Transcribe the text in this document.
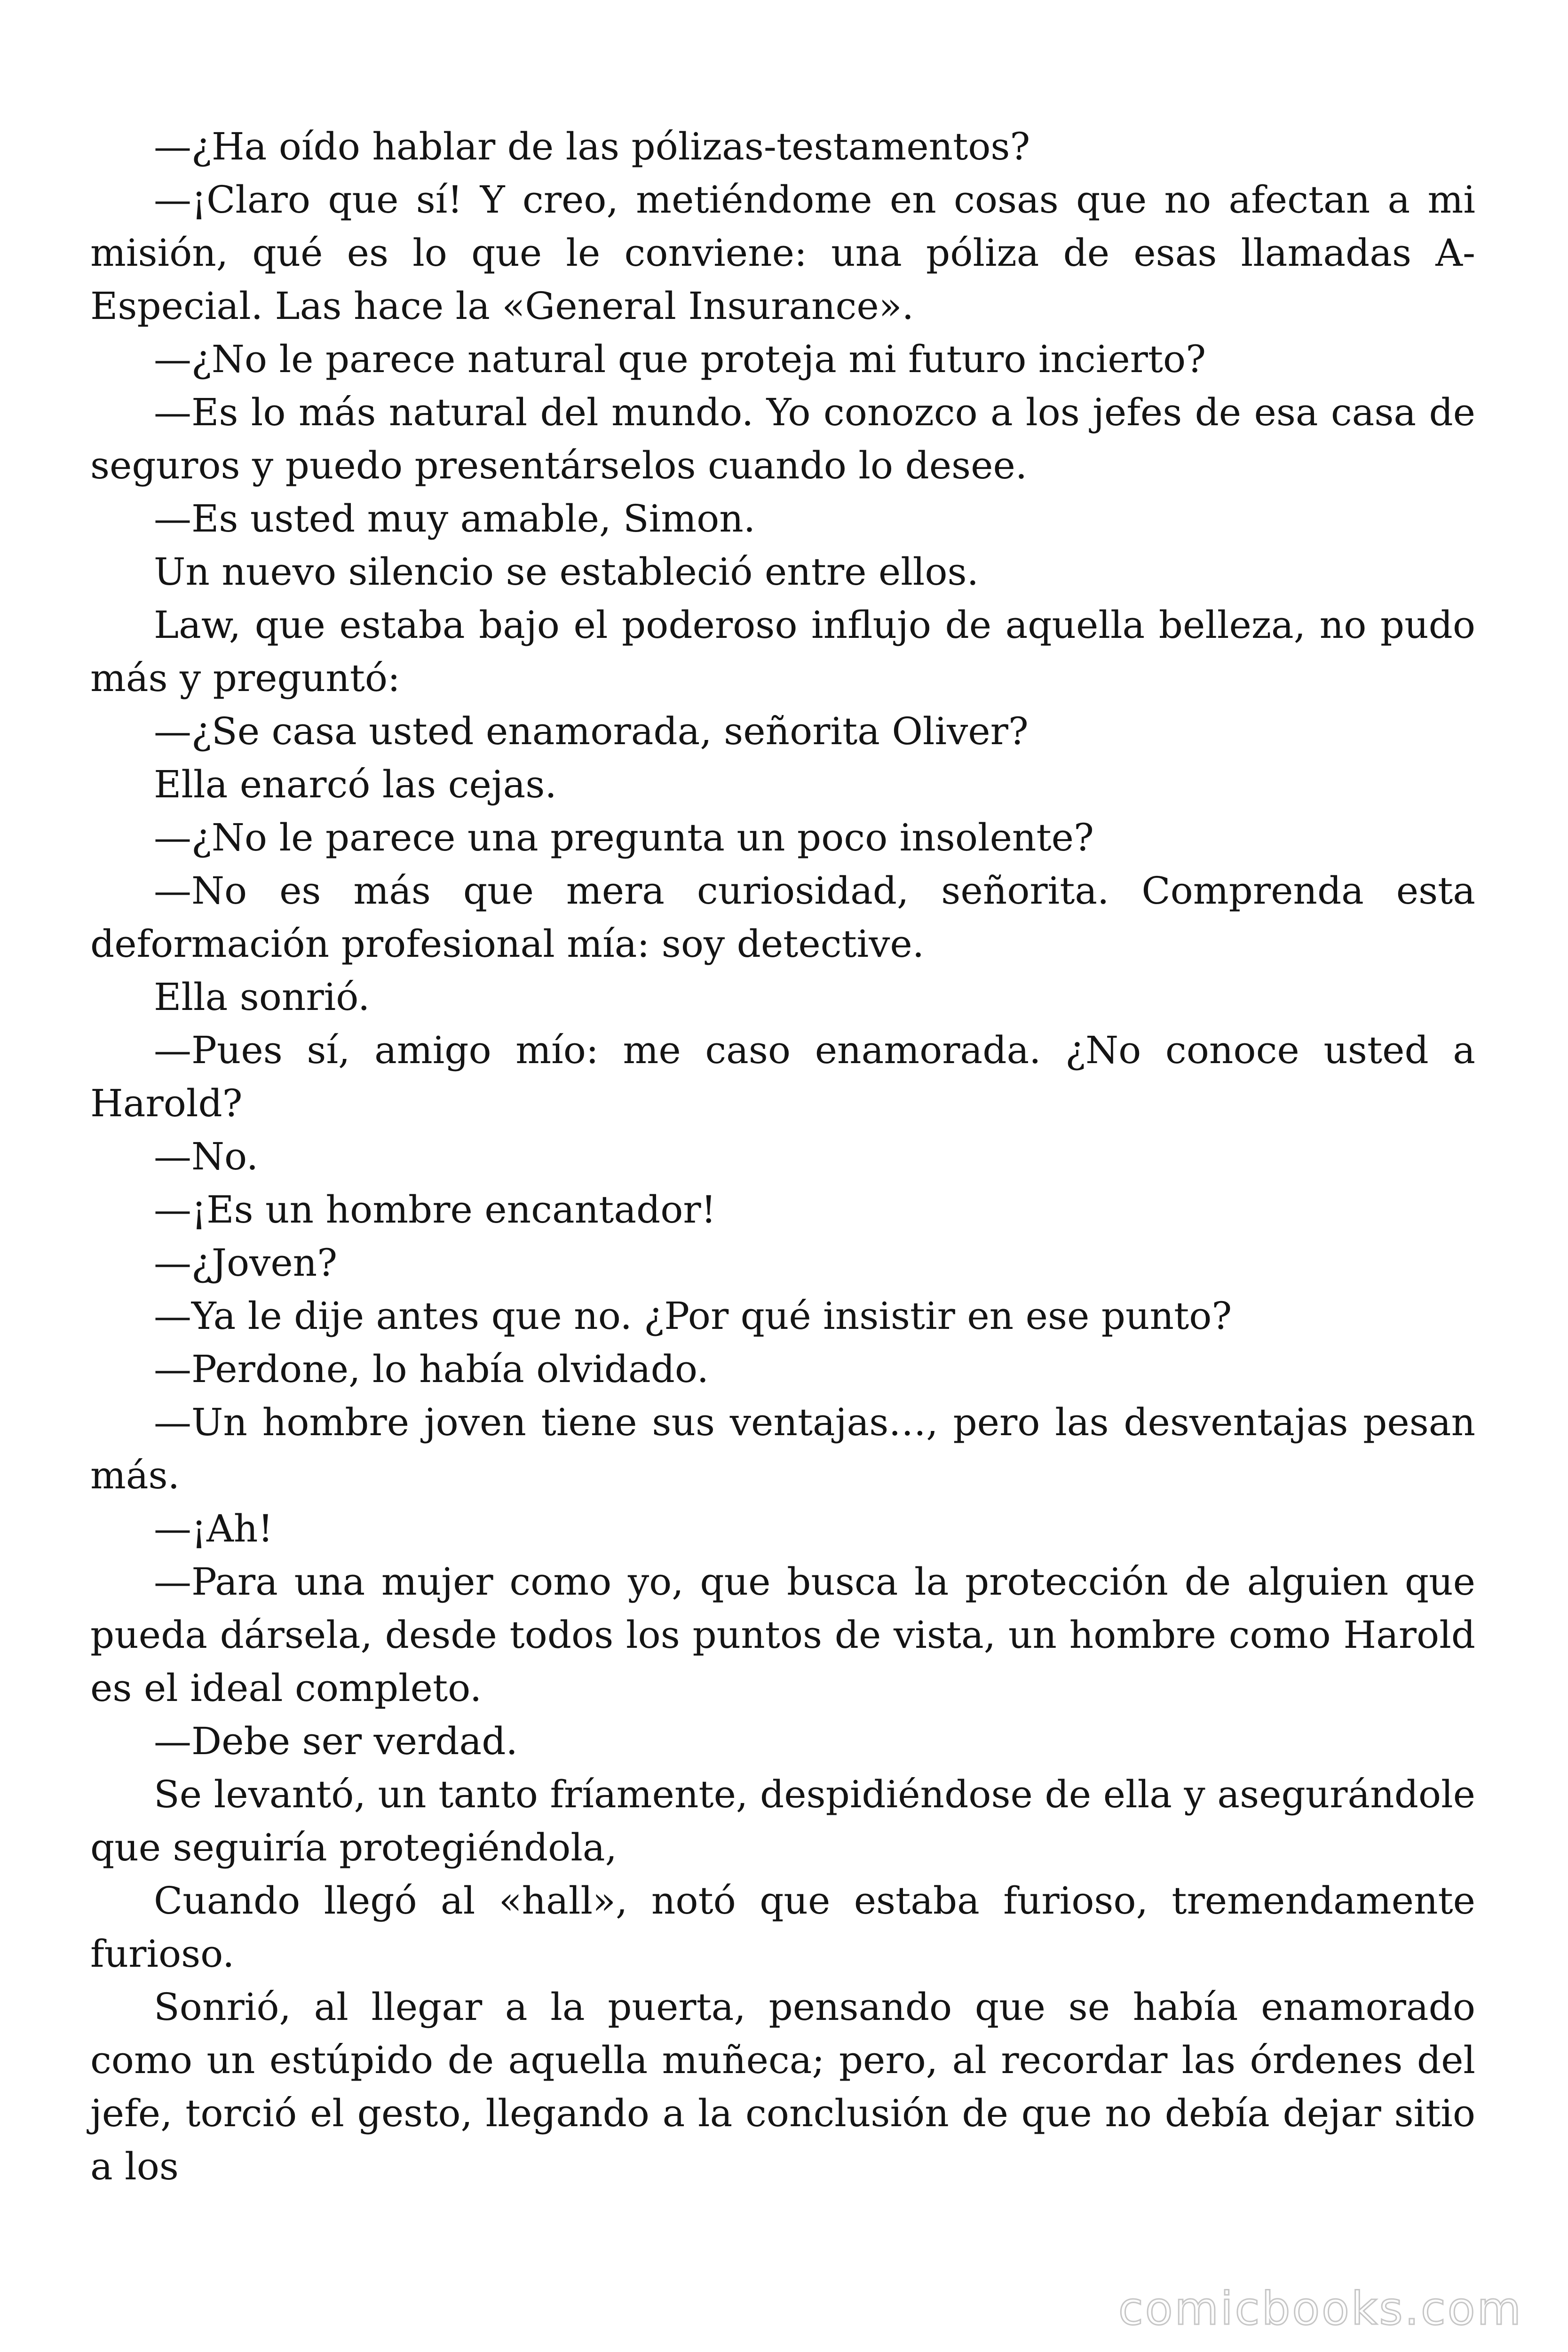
—¿Ha oído hablar de las pólizas-testamentos?

—¡Claro que sí! Y creo, metiéndome en cosas que no afectan a mi misión, qué es lo que le conviene: una póliza de esas llamadas A-Especial. Las hace la «General Insurance».

—¿No le parece natural que proteja mi futuro incierto?

—Es lo más natural del mundo. Yo conozco a los jefes de esa casa de seguros y puedo presentárselos cuando lo desee.

—Es usted muy amable, Simon.

Un nuevo silencio se estableció entre ellos.

Law, que estaba bajo el poderoso influjo de aquella belleza, no pudo más y preguntó:

—¿Se casa usted enamorada, señorita Oliver?

Ella enarcó las cejas.

—¿No le parece una pregunta un poco insolente?

—No es más que mera curiosidad, señorita. Comprenda esta deformación profesional mía: soy detective.

Ella sonrió.

—Pues sí, amigo mío: me caso enamorada. ¿No conoce usted a Harold?

—No.

—¡Es un hombre encantador!

—¿Joven?

—Ya le dije antes que no. ¿Por qué insistir en ese punto?

—Perdone, lo había olvidado.

—Un hombre joven tiene sus ventajas…, pero las desventajas pesan más.

—¡Ah!

—Para una mujer como yo, que busca la protección de alguien que pueda dársela, desde todos los puntos de vista, un hombre como Harold es el ideal completo.

—Debe ser verdad.

Se levantó, un tanto fríamente, despidiéndose de ella y asegurándole que seguiría protegiéndola,

Cuando llegó al «hall», notó que estaba furioso, tremendamente furioso.

Sonrió, al llegar a la puerta, pensando que se había enamorado como un estúpido de aquella muñeca; pero, al recordar las órdenes del jefe, torció el gesto, llegando a la conclusión de que no debía dejar sitio a los

comicbooks.com
